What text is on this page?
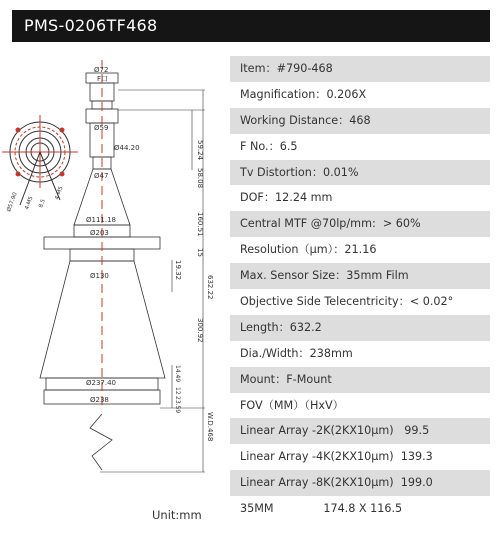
PMS-0206TF468
4-M5
8.5
4-M5
Ø57.90
Ø72
F口
Ø59
Ø44.20
Ø47
Ø111.18
Ø203
Ø130
Ø237.40
Ø238
59.24
58.08
160.51
15
19.32
632.22
300.92
14.49
12
23.59
W.D.468
Unit:mm
Item：#790-468
Magnification：0.206X
Working Distance：468
F No.：6.5
Tv Distortion：0.01%
DOF：12.24 mm
Central MTF @70lp/mm:  > 60%
Resolution（μm）：21.16
Max. Sensor Size：35mm Film
Objective Side Telecentricity：< 0.02°
Length：632.2
Dia./Width：238mm
Mount：F-Mount
FOV（MM）（HxV）
Linear Array -2K(2KX10μm)   99.5
Linear Array -4K(2KX10μm)  139.3
Linear Array -8K(2KX10μm)  199.0
35MM              174.8 X 116.5
